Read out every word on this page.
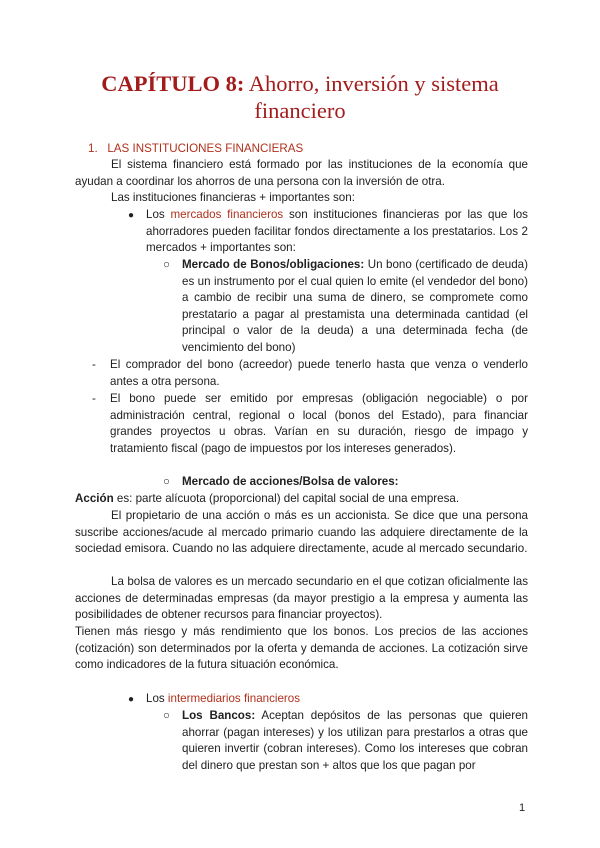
CAPÍTULO 8: Ahorro, inversión y sistema
financiero
1. LAS INSTITUCIONES FINANCIERAS

El sistema financiero está formado por las instituciones de la economía que ayudan a coordinar los ahorros de una persona con la inversión de otra.

Las instituciones financieras + importantes son:

● Los mercados financieros son instituciones financieras por las que los ahorradores pueden facilitar fondos directamente a los prestatarios. Los 2 mercados + importantes son:

○ Mercado de Bonos/obligaciones: Un bono (certificado de deuda) es un instrumento por el cual quien lo emite (el vendedor del bono) a cambio de recibir una suma de dinero, se compromete como prestatario a pagar al prestamista una determinada cantidad (el principal o valor de la deuda) a una determinada fecha (de vencimiento del bono)

- El comprador del bono (acreedor) puede tenerlo hasta que venza o venderlo antes a otra persona.

- El bono puede ser emitido por empresas (obligación negociable) o por administración central, regional o local (bonos del Estado), para financiar grandes proyectos u obras. Varían en su duración, riesgo de impago y tratamiento fiscal (pago de impuestos por los intereses generados).

○ Mercado de acciones/Bolsa de valores:

Acción es: parte alícuota (proporcional) del capital social de una empresa.

El propietario de una acción o más es un accionista. Se dice que una persona suscribe acciones/acude al mercado primario cuando las adquiere directamente de la sociedad emisora. Cuando no las adquiere directamente, acude al mercado secundario.

La bolsa de valores es un mercado secundario en el que cotizan oficialmente las acciones de determinadas empresas (da mayor prestigio a la empresa y aumenta las posibilidades de obtener recursos para financiar proyectos).

Tienen más riesgo y más rendimiento que los bonos. Los precios de las acciones (cotización) son determinados por la oferta y demanda de acciones. La cotización sirve como indicadores de la futura situación económica.

● Los intermediarios financieros

○ Los Bancos: Aceptan depósitos de las personas que quieren ahorrar (pagan intereses) y los utilizan para prestarlos a otras que quieren invertir (cobran intereses). Como los intereses que cobran del dinero que prestan son + altos que los que pagan por

1
